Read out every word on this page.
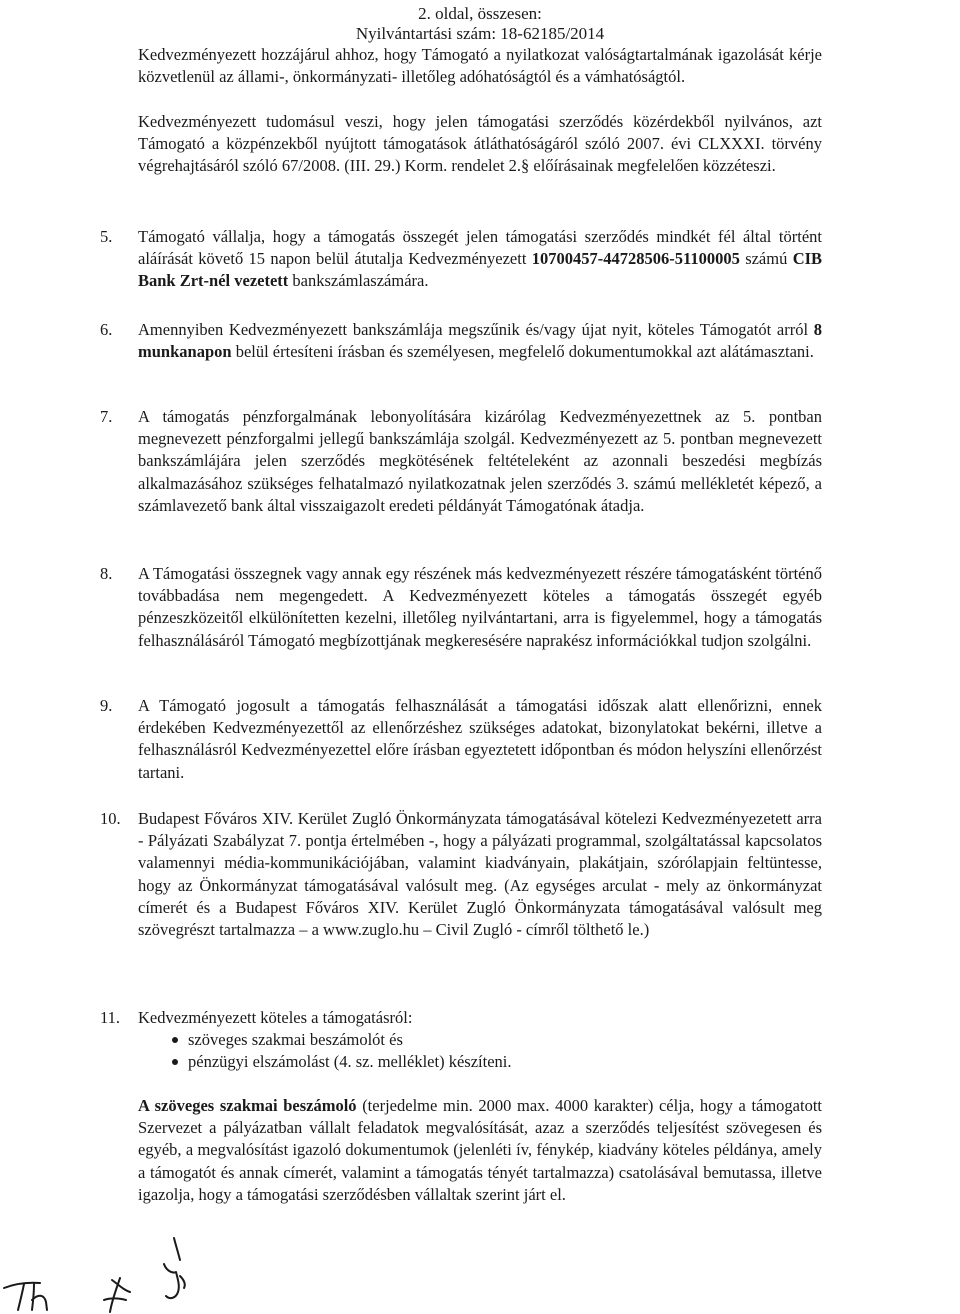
2. oldal, összesen:
Nyilvántartási szám: 18-62185/2014
Kedvezményezett hozzájárul ahhoz, hogy Támogató a nyilatkozat valóságtartalmának igazolását kérje közvetlenül az állami-, önkormányzati- illetőleg adóhatóságtól és a vámhatóságtól.
Kedvezményezett tudomásul veszi, hogy jelen támogatási szerződés közérdekből nyilvános, azt Támogató a közpénzekből nyújtott támogatások átláthatóságáról szóló 2007. évi CLXXXI. törvény végrehajtásáról szóló 67/2008. (III. 29.) Korm. rendelet 2.§ előírásainak megfelelően közzéteszi.
5.	Támogató vállalja, hogy a támogatás összegét jelen támogatási szerződés mindkét fél által történt aláírását követő 15 napon belül átutalja Kedvezményezett 10700457-44728506-51100005 számú CIB Bank Zrt-nél vezetett bankszámlaszámára.
6.	Amennyiben Kedvezményezett bankszámlája megszűnik és/vagy újat nyit, köteles Támogatót arról 8 munkanapon belül értesíteni írásban és személyesen, megfelelő dokumentumokkal azt alátámasztani.
7.	A támogatás pénzforgalmának lebonyolítására kizárólag Kedvezményezettnek az 5. pontban megnevezett pénzforgalmi jellegű bankszámlája szolgál. Kedvezményezett az 5. pontban megnevezett bankszámlájára jelen szerződés megkötésének feltételeként az azonnali beszedési megbízás alkalmazásához szükséges felhatalmazó nyilatkozatnak jelen szerződés 3. számú mellékletét képező, a számlavezető bank által visszaigazolt eredeti példányát Támogatónak átadja.
8.	A Támogatási összegnek vagy annak egy részének más kedvezményezett részére támogatásként történő továbbadása nem megengedett. A Kedvezményezett köteles a támogatás összegét egyéb pénzeszközeitől elkülönítetten kezelni, illetőleg nyilvántartani, arra is figyelemmel, hogy a támogatás felhasználásáról Támogató megbízottjának megkeresésére naprakész információkkal tudjon szolgálni.
9.	A Támogató jogosult a támogatás felhasználását a támogatási időszak alatt ellenőrizni, ennek érdekében Kedvezményezettől az ellenőrzéshez szükséges adatokat, bizonylatokat bekérni, illetve a felhasználásról Kedvezményezettel előre írásban egyeztetett időpontban és módon helyszíni ellenőrzést tartani.
10.	Budapest Főváros XIV. Kerület Zugló Önkormányzata támogatásával kötelezi Kedvezményezetett arra - Pályázati Szabályzat 7. pontja értelmében -, hogy a pályázati programmal, szolgáltatással kapcsolatos valamennyi média-kommunikációjában, valamint kiadványain, plakátjain, szórólapjain feltüntesse, hogy az Önkormányzat támogatásával valósult meg. (Az egységes arculat - mely az önkormányzat címerét és a Budapest Főváros XIV. Kerület Zugló Önkormányzata támogatásával valósult meg szövegrészt tartalmazza – a www.zuglo.hu – Civil Zugló - címről tölthető le.)
11.	Kedvezményezett köteles a támogatásról:
szöveges szakmai beszámolót és
pénzügyi elszámolást (4. sz. melléklet) készíteni.
A szöveges szakmai beszámoló (terjedelme min. 2000 max. 4000 karakter) célja, hogy a támogatott Szervezet a pályázatban vállalt feladatok megvalósítását, azaz a szerződés teljesítést szövegesen és egyéb, a megvalósítást igazoló dokumentumok (jelenléti ív, fénykép, kiadvány köteles példánya, amely a támogatót és annak címerét, valamint a támogatás tényét tartalmazza) csatolásával bemutassa, illetve igazolja, hogy a támogatási szerződésben vállaltak szerint járt el.
